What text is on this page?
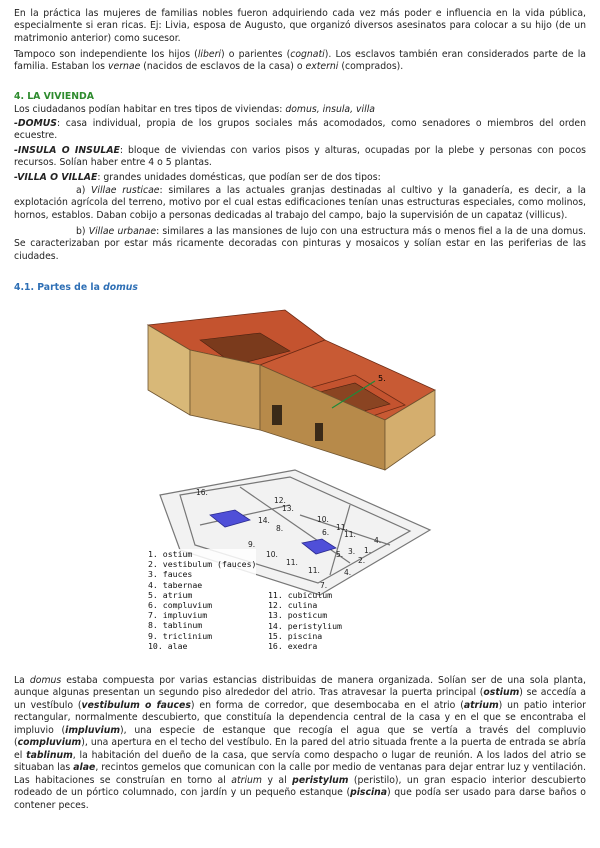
En la práctica las mujeres de familias nobles fueron adquiriendo cada vez más poder e influencia en la vida pública, especialmente si eran ricas. Ej: Livia, esposa de Augusto, que organizó diversos asesinatos para colocar a su hijo (de un matrimonio anterior) como sucesor.

Tampoco son independiente los hijos (liberi) o parientes (cognati). Los esclavos también eran considerados parte de la familia. Estaban los vernae (nacidos de esclavos de la casa) o externi (comprados).

4. LA VIVIENDA

Los ciudadanos podían habitar en tres tipos de viviendas: domus, insula, villa

-DOMUS: casa individual, propia de los grupos sociales más acomodados, como senadores o miembros del orden ecuestre.

-INSULA O INSULAE: bloque de viviendas con varios pisos y alturas, ocupadas por la plebe y personas con pocos recursos. Solían haber entre 4 o 5 plantas.

-VILLA O VILLAE: grandes unidades domésticas, que podían ser de dos tipos:

a) Villae rusticae: similares a las actuales granjas destinadas al cultivo y la ganadería, es decir, a la explotación agrícola del terreno, motivo por el cual estas edificaciones tenían unas estructuras especiales, como molinos, hornos, establos. Daban cobijo a personas dedicadas al trabajo del campo, bajo la supervisión de un capataz (villicus).

b) Villae urbanae: similares a las mansiones de lujo con una estructura más o menos fiel a la de una domus. Se caracterizaban por estar más ricamente decoradas con pinturas y mosaicos y solían estar en las periferias de las ciudades.

4.1. Partes de la domus
5.
16.
12.
13.
14.
8.
10.
11.
11.
9.
6.
10.
11.
5. 3.
2.
1.
4.
4.
11.
7.
1. ostium
2. vestibulum (fauces)
3. fauces
4. tabernae
5. atrium
6. compluvium
7. impluvium
8. tablinum
9. triclinium
10. alae
11. cubiculum
12. culina
13. posticum
14. peristylium
15. piscina
16. exedra

La domus estaba compuesta por varias estancias distribuidas de manera organizada. Solían ser de una sola planta, aunque algunas presentan un segundo piso alrededor del atrio. Tras atravesar la puerta principal (ostium) se accedía a un vestíbulo (vestibulum o fauces) en forma de corredor, que desembocaba en el atrio (atrium) un patio interior rectangular, normalmente descubierto, que constituía la dependencia central de la casa y en el que se encontraba el impluvio (impluvium), una especie de estanque que recogía el agua que se vertía a través del compluvio (compluvium), una apertura en el techo del vestíbulo. En la pared del atrio situada frente a la puerta de entrada se abría el tablinum, la habitación del dueño de la casa, que servía como despacho o lugar de reunión. A los lados del atrio se situaban las alae, recintos gemelos que comunican con la calle por medio de ventanas para dejar entrar luz y ventilación. Las habitaciones se construían en torno al atrium y al peristylum (peristilo), un gran espacio interior descubierto rodeado de un pórtico columnado, con jardín y un pequeño estanque (piscina) que podía ser usado para darse baños o contener peces.
